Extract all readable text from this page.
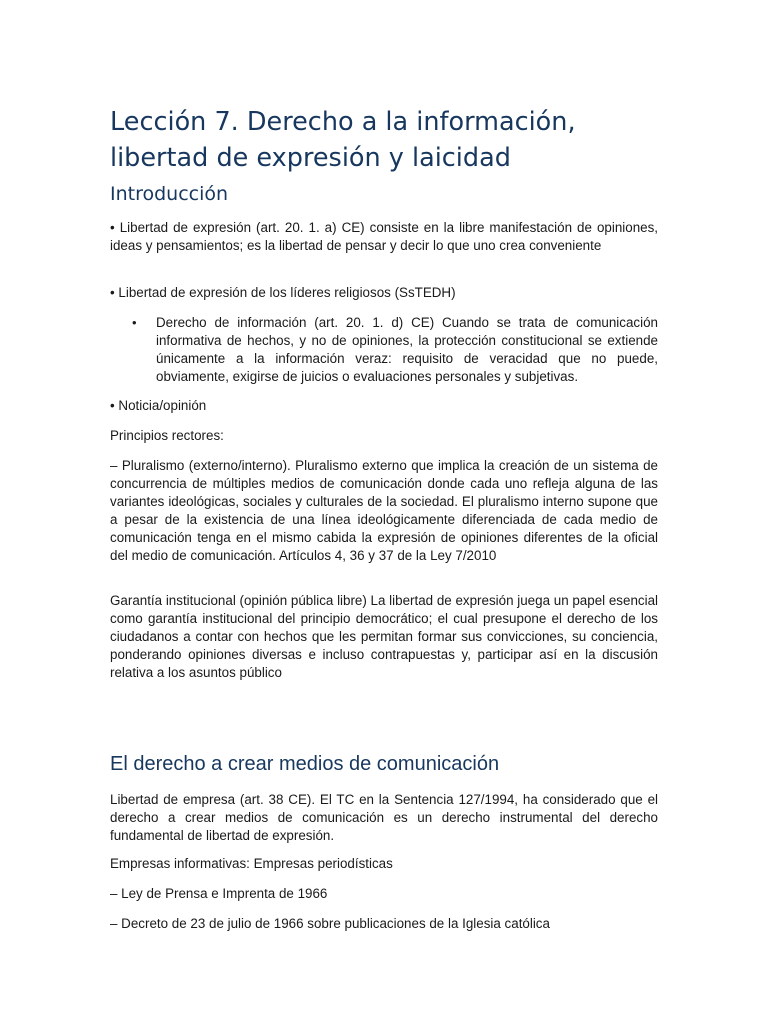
Lección 7. Derecho a la información, libertad de expresión y laicidad
Introducción

• Libertad de expresión (art. 20. 1. a) CE) consiste en la libre manifestación de opiniones, ideas y pensamientos; es la libertad de pensar y decir lo que uno crea conveniente

• Libertad de expresión de los líderes religiosos (SsTEDH)

• Derecho de información (art. 20. 1. d) CE) Cuando se trata de comunicación informativa de hechos, y no de opiniones, la protección constitucional se extiende únicamente a la información veraz: requisito de veracidad que no puede, obviamente, exigirse de juicios o evaluaciones personales y subjetivas.

• Noticia/opinión

Principios rectores:

– Pluralismo (externo/interno). Pluralismo externo que implica la creación de un sistema de concurrencia de múltiples medios de comunicación donde cada uno refleja alguna de las variantes ideológicas, sociales y culturales de la sociedad. El pluralismo interno supone que a pesar de la existencia de una línea ideológicamente diferenciada de cada medio de comunicación tenga en el mismo cabida la expresión de opiniones diferentes de la oficial del medio de comunicación. Artículos 4, 36 y 37 de la Ley 7/2010

Garantía institucional (opinión pública libre) La libertad de expresión juega un papel esencial como garantía institucional del principio democrático; el cual presupone el derecho de los ciudadanos a contar con hechos que les permitan formar sus convicciones, su conciencia, ponderando opiniones diversas e incluso contrapuestas y, participar así en la discusión relativa a los asuntos público

El derecho a crear medios de comunicación

Libertad de empresa (art. 38 CE). El TC en la Sentencia 127/1994, ha considerado que el derecho a crear medios de comunicación es un derecho instrumental del derecho fundamental de libertad de expresión.

Empresas informativas: Empresas periodísticas

– Ley de Prensa e Imprenta de 1966

– Decreto de 23 de julio de 1966 sobre publicaciones de la Iglesia católica
